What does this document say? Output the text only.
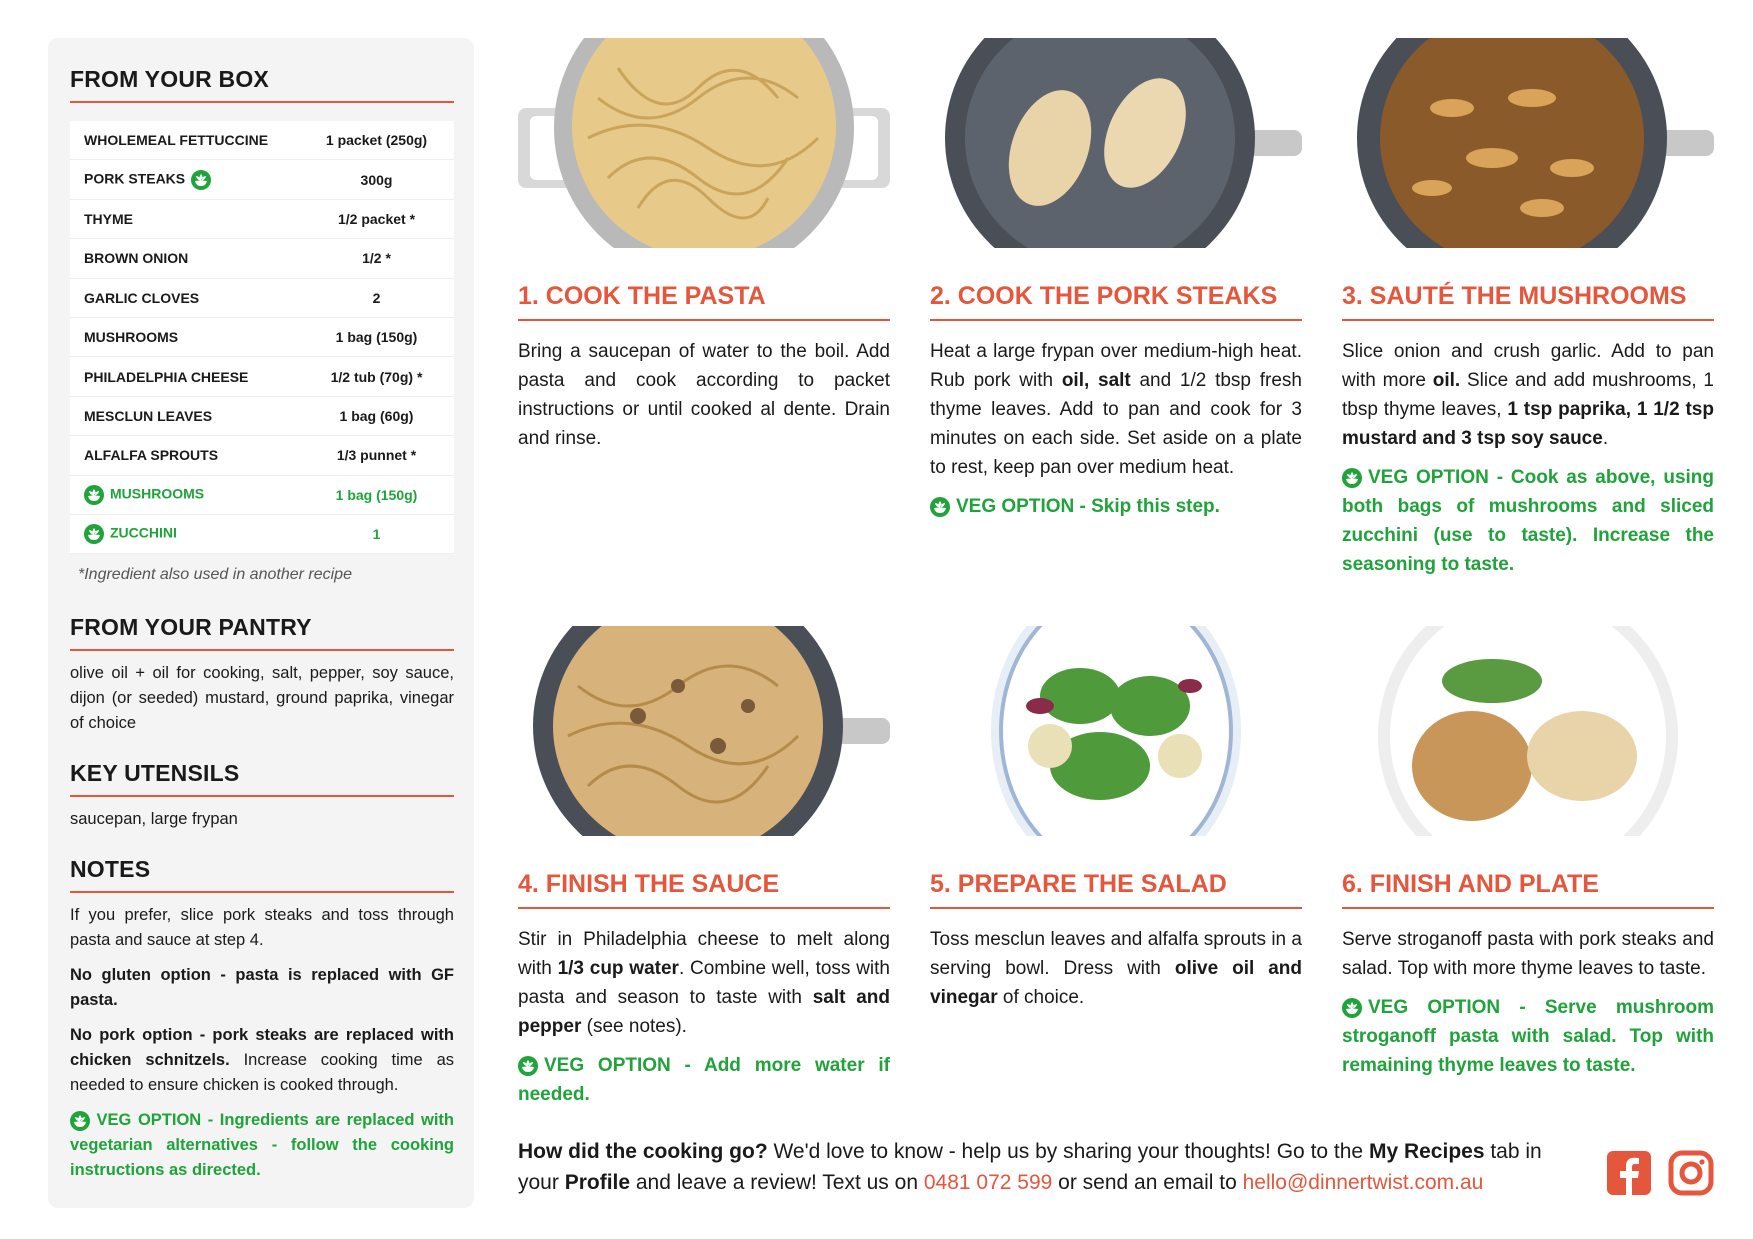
FROM YOUR BOX
WHOLEMEAL FETTUCCINE	1 packet (250g)
PORK STEAKS	300g
THYME	1/2 packet *
BROWN ONION	1/2 *
GARLIC CLOVES	2
MUSHROOMS	1 bag (150g)
PHILADELPHIA CHEESE	1/2 tub (70g) *
MESCLUN LEAVES	1 bag (60g)
ALFALFA SPROUTS	1/3 punnet *
MUSHROOMS	1 bag (150g)
ZUCCHINI	1
*Ingredient also used in another recipe
FROM YOUR PANTRY
olive oil + oil for cooking, salt, pepper, soy sauce, dijon (or seeded) mustard, ground paprika, vinegar of choice
KEY UTENSILS
saucepan, large frypan
NOTES
If you prefer, slice pork steaks and toss through pasta and sauce at step 4.
No gluten option - pasta is replaced with GF pasta.
No pork option - pork steaks are replaced with chicken schnitzels. Increase cooking time as needed to ensure chicken is cooked through.
VEG OPTION - Ingredients are replaced with vegetarian alternatives - follow the cooking instructions as directed.
1. COOK THE PASTA
Bring a saucepan of water to the boil. Add pasta and cook according to packet instructions or until cooked al dente. Drain and rinse.
2. COOK THE PORK STEAKS
Heat a large frypan over medium-high heat. Rub pork with oil, salt and 1/2 tbsp fresh thyme leaves. Add to pan and cook for 3 minutes on each side. Set aside on a plate to rest, keep pan over medium heat.
VEG OPTION - Skip this step.
3. SAUTÉ THE MUSHROOMS
Slice onion and crush garlic. Add to pan with more oil. Slice and add mushrooms, 1 tbsp thyme leaves, 1 tsp paprika, 1 1/2 tsp mustard and 3 tsp soy sauce.
VEG OPTION - Cook as above, using both bags of mushrooms and sliced zucchini (use to taste). Increase the seasoning to taste.
4. FINISH THE SAUCE
Stir in Philadelphia cheese to melt along with 1/3 cup water. Combine well, toss with pasta and season to taste with salt and pepper (see notes).
VEG OPTION - Add more water if needed.
5. PREPARE THE SALAD
Toss mesclun leaves and alfalfa sprouts in a serving bowl. Dress with olive oil and vinegar of choice.
6. FINISH AND PLATE
Serve stroganoff pasta with pork steaks and salad. Top with more thyme leaves to taste.
VEG OPTION - Serve mushroom stroganoff pasta with salad. Top with remaining thyme leaves to taste.
How did the cooking go? We'd love to know - help us by sharing your thoughts! Go to the My Recipes tab in your Profile and leave a review! Text us on 0481 072 599 or send an email to hello@dinnertwist.com.au
